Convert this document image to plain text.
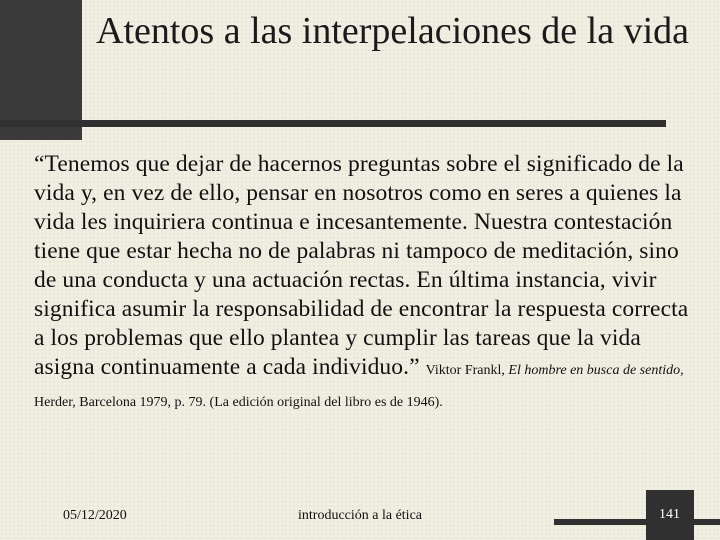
Atentos a las interpelaciones de la vida

“Tenemos que dejar de hacernos preguntas sobre el significado de la vida y, en vez de ello, pensar en nosotros como en seres a quienes la vida les inquiriera continua e incesantemente. Nuestra contestación tiene que estar hecha no de palabras ni tampoco de meditación, sino de una conducta y una actuación rectas. En última instancia, vivir significa asumir la responsabilidad de encontrar la respuesta correcta a los problemas que ello plantea y cumplir las tareas que la vida asigna continuamente a cada individuo.” Viktor Frankl, El hombre en busca de sentido, Herder, Barcelona 1979, p. 79. (La edición original del libro es de 1946).

05/12/2020	introducción a la ética	141
